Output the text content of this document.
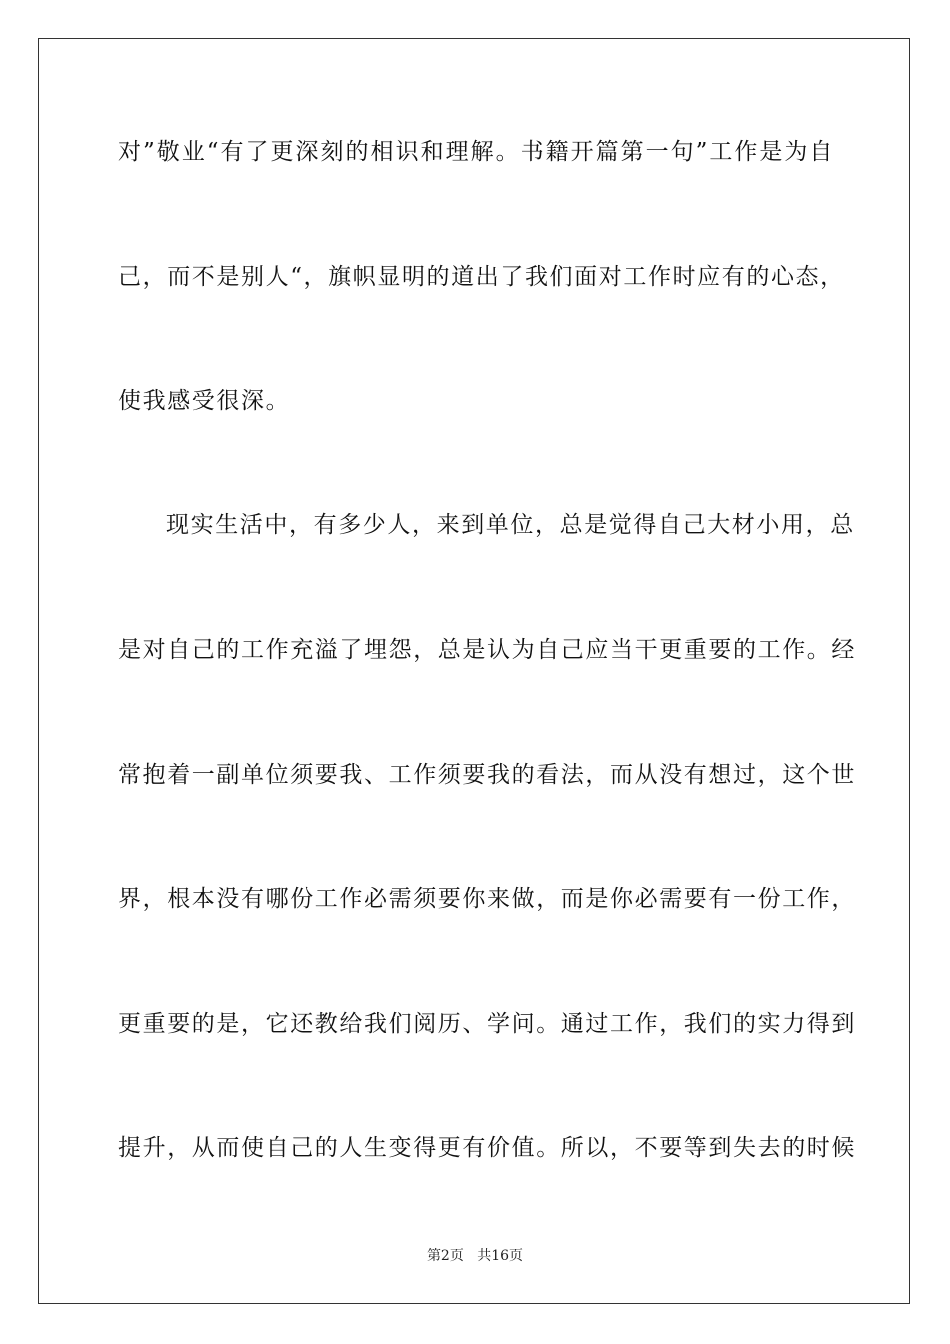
对”敬业“有了更深刻的相识和理解。书籍开篇第一句”工作是为自
己，而不是别人“，旗帜显明的道出了我们面对工作时应有的心态，
使我感受很深。
现实生活中，有多少人，来到单位，总是觉得自己大材小用，总
是对自己的工作充溢了埋怨，总是认为自己应当干更重要的工作。经
常抱着一副单位须要我、工作须要我的看法，而从没有想过，这个世
界，根本没有哪份工作必需须要你来做，而是你必需要有一份工作，
更重要的是，它还教给我们阅历、学问。通过工作，我们的实力得到
提升，从而使自己的人生变得更有价值。所以，不要等到失去的时候
第2页 共16页
